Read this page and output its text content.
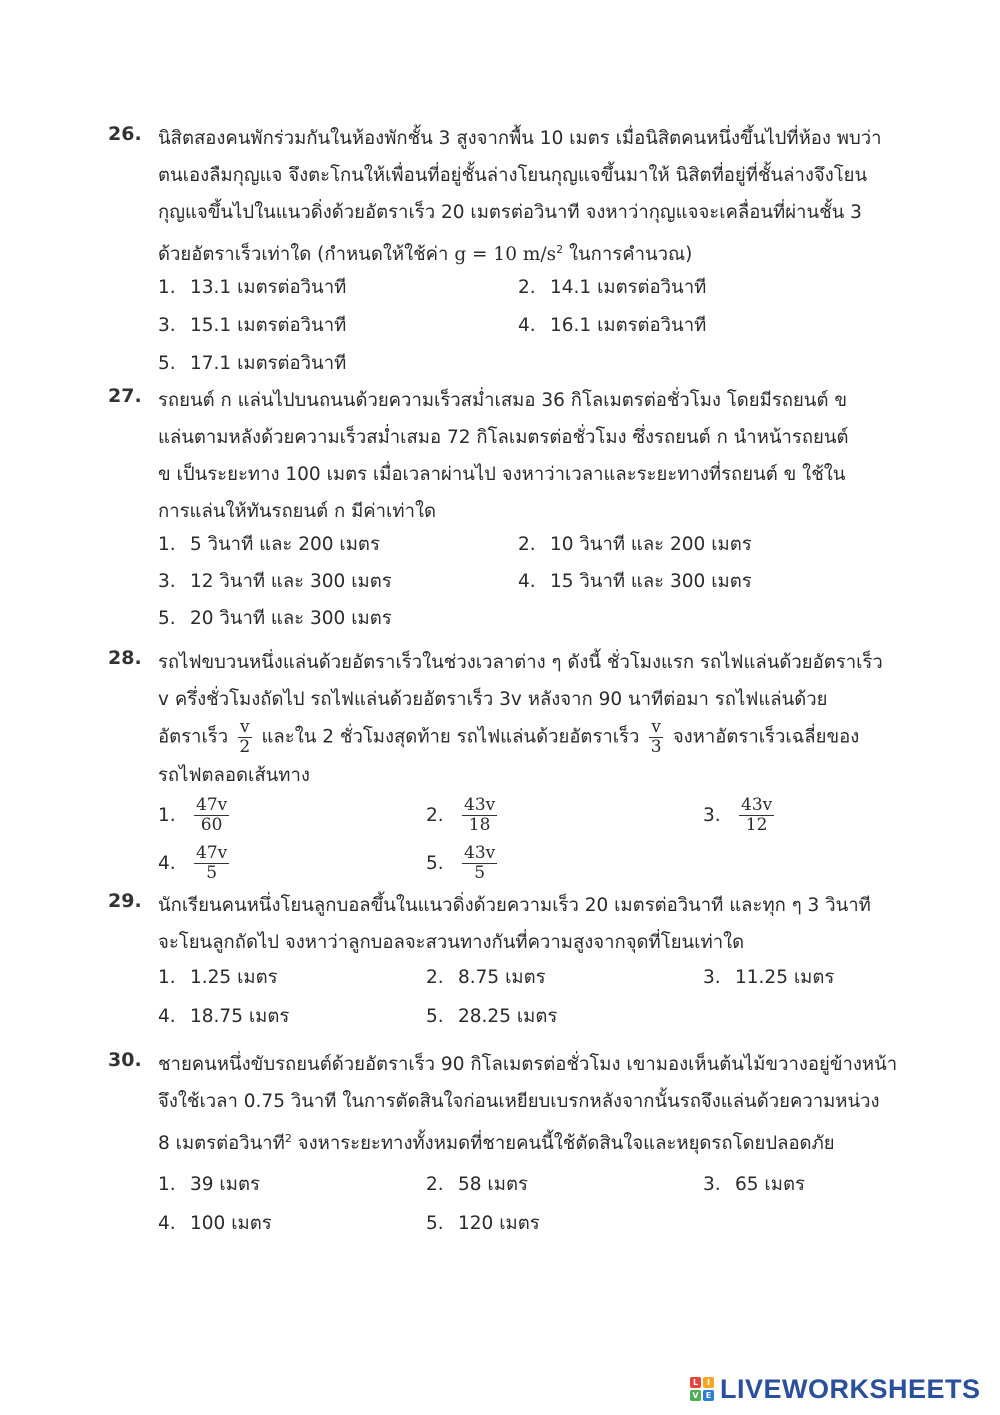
26. นิสิตสองคนพักร่วมกันในห้องพักชั้น 3 สูงจากพื้น 10 เมตร เมื่อนิสิตคนหนึ่งขึ้นไปที่ห้อง พบว่า
ตนเองลืมกุญแจ จึงตะโกนให้เพื่อนที่อยู่ชั้นล่างโยนกุญแจขึ้นมาให้ นิสิตที่อยู่ที่ชั้นล่างจึงโยน
กุญแจขึ้นไปในแนวดิ่งด้วยอัตราเร็ว 20 เมตรต่อวินาที จงหาว่ากุญแจจะเคลื่อนที่ผ่านชั้น 3
ด้วยอัตราเร็วเท่าใด (กำหนดให้ใช้ค่า g = 10 $m/s^2$ ในการคำนวณ)
1. 13.1 เมตรต่อวินาที	2. 14.1 เมตรต่อวินาที
3. 15.1 เมตรต่อวินาที	4. 16.1 เมตรต่อวินาที
5. 17.1 เมตรต่อวินาที
27. รถยนต์ ก แล่นไปบนถนนด้วยความเร็วสม่ำเสมอ 36 กิโลเมตรต่อชั่วโมง โดยมีรถยนต์ ข
แล่นตามหลังด้วยความเร็วสม่ำเสมอ 72 กิโลเมตรต่อชั่วโมง ซึ่งรถยนต์ ก นำหน้ารถยนต์
ข เป็นระยะทาง 100 เมตร เมื่อเวลาผ่านไป จงหาว่าเวลาและระยะทางที่รถยนต์ ข ใช้ใน
การแล่นให้ทันรถยนต์ ก มีค่าเท่าใด
1. 5 วินาที และ 200 เมตร	2. 10 วินาที และ 200 เมตร
3. 12 วินาที และ 300 เมตร	4. 15 วินาที และ 300 เมตร
5. 20 วินาที และ 300 เมตร
28. รถไฟขบวนหนึ่งแล่นด้วยอัตราเร็วในช่วงเวลาต่าง ๆ ดังนี้ ชั่วโมงแรก รถไฟแล่นด้วยอัตราเร็ว
v ครึ่งชั่วโมงถัดไป รถไฟแล่นด้วยอัตราเร็ว 3v หลังจาก 90 นาทีต่อมา รถไฟแล่นด้วย
อัตราเร็ว $\frac{v}{2}$ และใน 2 ชั่วโมงสุดท้าย รถไฟแล่นด้วยอัตราเร็ว $\frac{v}{3}$ จงหาอัตราเร็วเฉลี่ยของ
รถไฟตลอดเส้นทาง
1. $\frac{47v}{60}$	2. $\frac{43v}{18}$	3. $\frac{43v}{12}$
4. $\frac{47v}{5}$	5. $\frac{43v}{5}$
29. นักเรียนคนหนึ่งโยนลูกบอลขึ้นในแนวดิ่งด้วยความเร็ว 20 เมตรต่อวินาที และทุก ๆ 3 วินาที
จะโยนลูกถัดไป จงหาว่าลูกบอลจะสวนทางกันที่ความสูงจากจุดที่โยนเท่าใด
1. 1.25 เมตร	2. 8.75 เมตร	3. 11.25 เมตร
4. 18.75 เมตร	5. 28.25 เมตร
30. ชายคนหนึ่งขับรถยนต์ด้วยอัตราเร็ว 90 กิโลเมตรต่อชั่วโมง เขามองเห็นต้นไม้ขวางอยู่ข้างหน้า
จึงใช้เวลา 0.75 วินาที ในการตัดสินใจก่อนเหยียบเบรกหลังจากนั้นรถจึงแล่นด้วยความหน่วง
8 เมตรต่อวินาที$^2$ จงหาระยะทางทั้งหมดที่ชายคนนี้ใช้ตัดสินใจและหยุดรถโดยปลอดภัย
1. 39 เมตร	2. 58 เมตร	3. 65 เมตร
4. 100 เมตร	5. 120 เมตร
L	I
V E LIVEWORKSHEETS
